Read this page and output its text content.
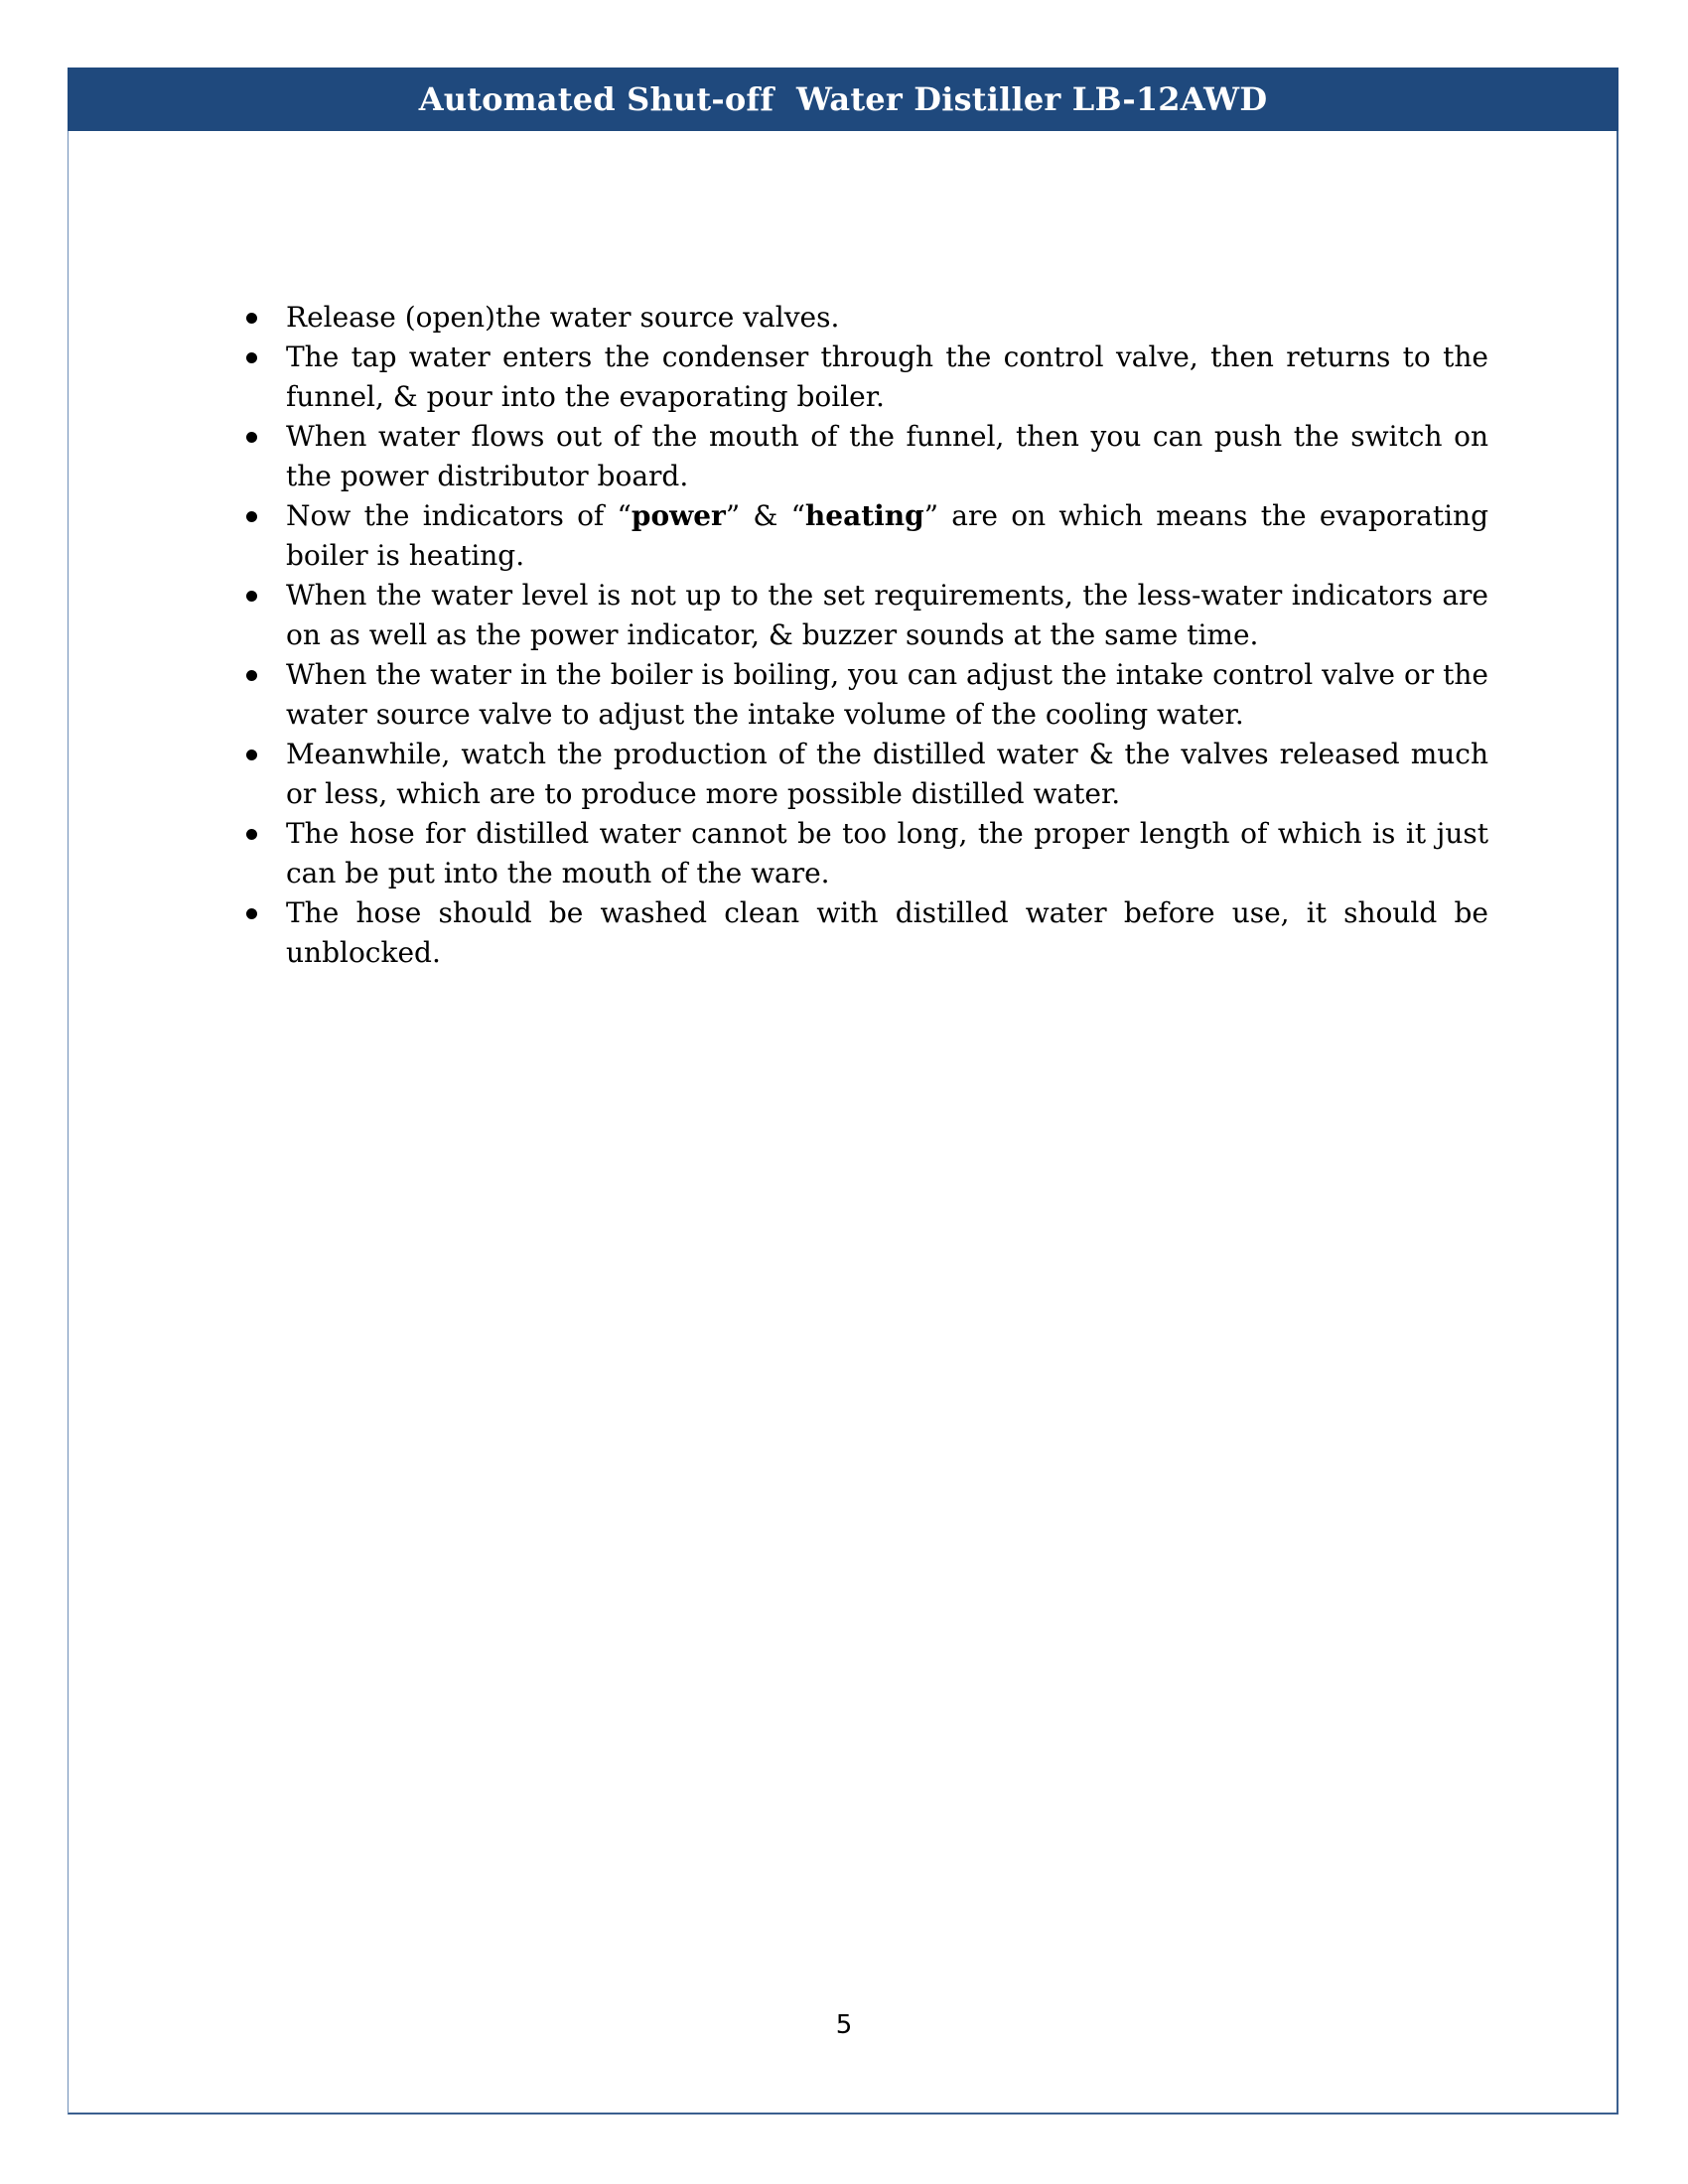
Automated Shut-off  Water Distiller LB-12AWD
Release (open)the water source valves.
The tap water enters the condenser through the control valve, then returns to the funnel, & pour into the evaporating boiler.
When water flows out of the mouth of the funnel, then you can push the switch on the power distributor board.
Now the indicators of “power” & “heating” are on which means the evaporating boiler is heating.
When the water level is not up to the set requirements, the less-water indicators are on as well as the power indicator, & buzzer sounds at the same time.
When the water in the boiler is boiling, you can adjust the intake control valve or the water source valve to adjust the intake volume of the cooling water.
Meanwhile, watch the production of the distilled water & the valves released much or less, which are to produce more possible distilled water.
The hose for distilled water cannot be too long, the proper length of which is it just can be put into the mouth of the ware.
The hose should be washed clean with distilled water before use, it should be unblocked.
5
